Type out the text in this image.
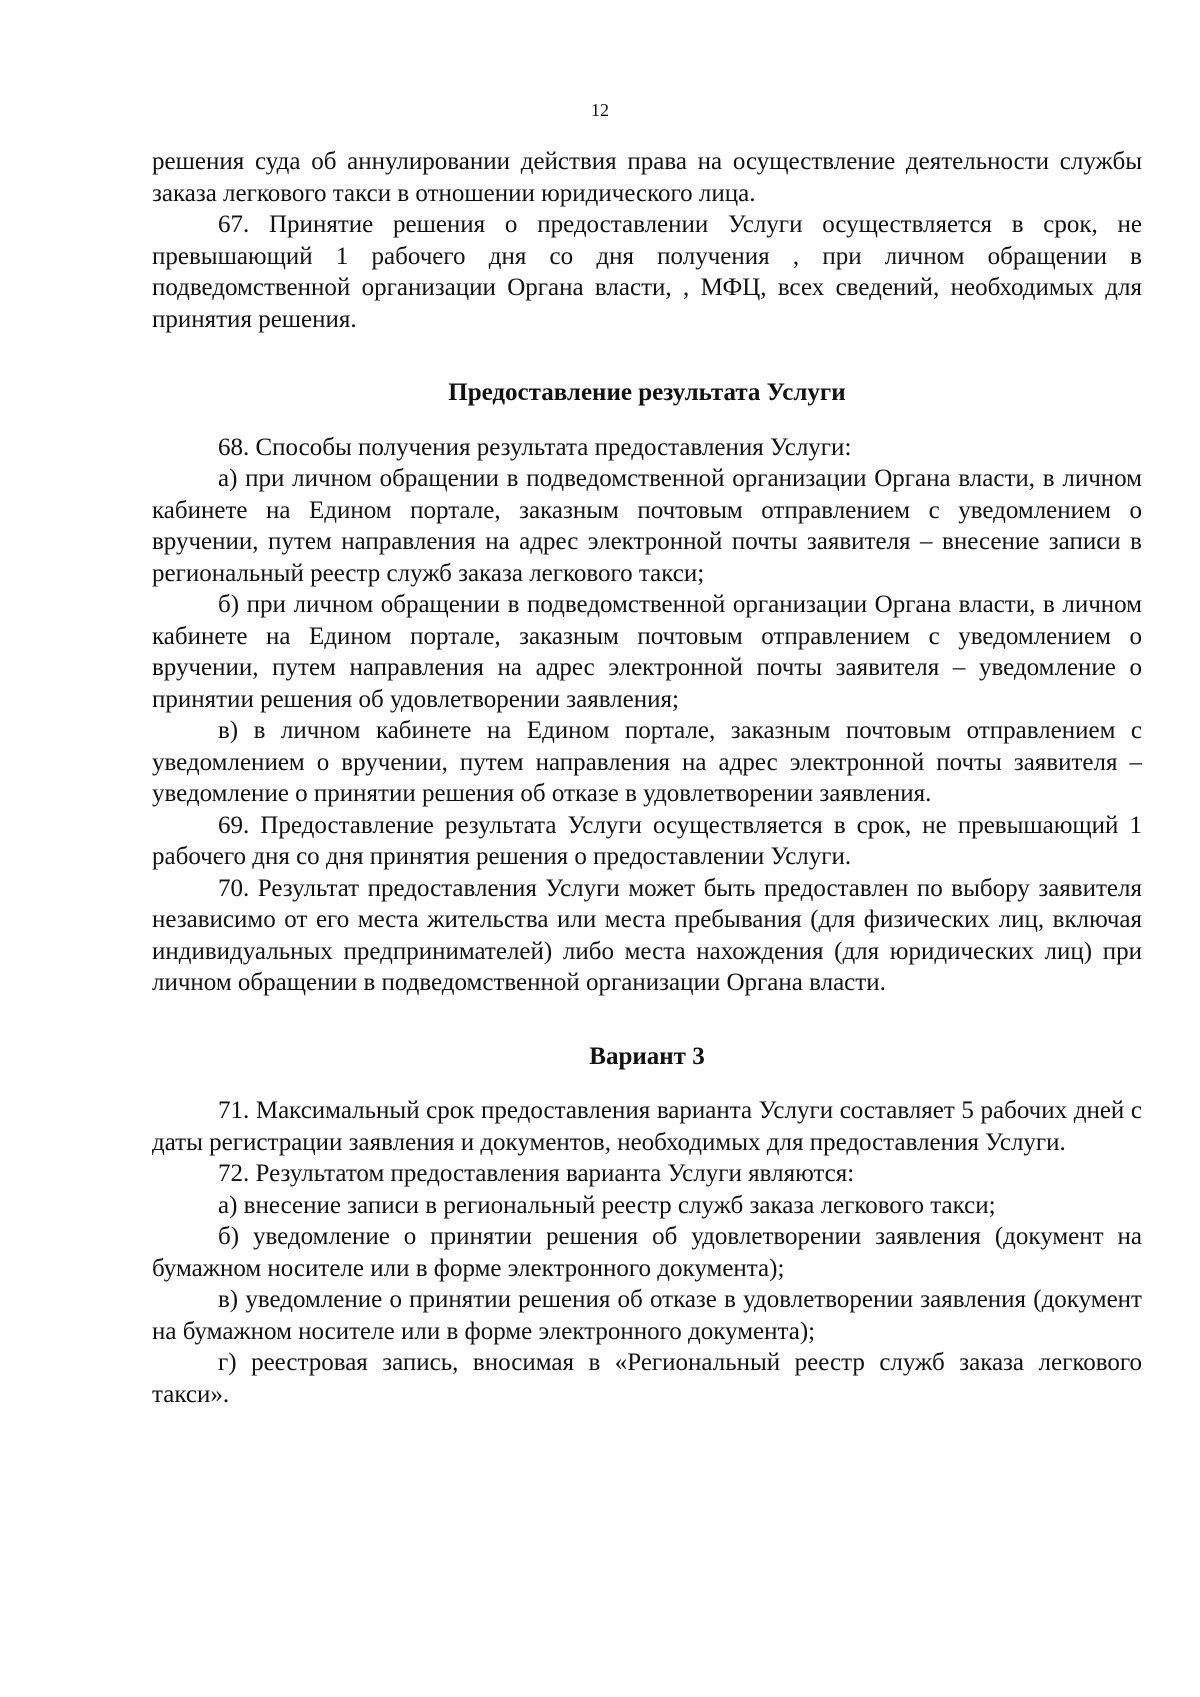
12

решения суда об аннулировании действия права на осуществление деятельности службы заказа легкового такси в отношении юридического лица.

67. Принятие решения о предоставлении Услуги осуществляется в срок, не превышающий 1 рабочего дня со дня получения , при личном обращении в подведомственной организации Органа власти, , МФЦ, всех сведений, необходимых для принятия решения.

Предоставление результата Услуги

68. Способы получения результата предоставления Услуги:

а) при личном обращении в подведомственной организации Органа власти, в личном кабинете на Едином портале, заказным почтовым отправлением с уведомлением о вручении, путем направления на адрес электронной почты заявителя – внесение записи в региональный реестр служб заказа легкового такси;

б) при личном обращении в подведомственной организации Органа власти, в личном кабинете на Едином портале, заказным почтовым отправлением с уведомлением о вручении, путем направления на адрес электронной почты заявителя – уведомление о принятии решения об удовлетворении заявления;

в) в личном кабинете на Едином портале, заказным почтовым отправлением с уведомлением о вручении, путем направления на адрес электронной почты заявителя – уведомление о принятии решения об отказе в удовлетворении заявления.

69. Предоставление результата Услуги осуществляется в срок, не превышающий 1 рабочего дня со дня принятия решения о предоставлении Услуги.

70. Результат предоставления Услуги может быть предоставлен по выбору заявителя независимо от его места жительства или места пребывания (для физических лиц, включая индивидуальных предпринимателей) либо места нахождения (для юридических лиц) при личном обращении в подведомственной организации Органа власти.

Вариант 3

71. Максимальный срок предоставления варианта Услуги составляет 5 рабочих дней с даты регистрации заявления и документов, необходимых для предоставления Услуги.

72. Результатом предоставления варианта Услуги являются:

а) внесение записи в региональный реестр служб заказа легкового такси;

б) уведомление о принятии решения об удовлетворении заявления (документ на бумажном носителе или в форме электронного документа);

в) уведомление о принятии решения об отказе в удовлетворении заявления (документ на бумажном носителе или в форме электронного документа);

г) реестровая запись, вносимая в «Региональный реестр служб заказа легкового такси».
